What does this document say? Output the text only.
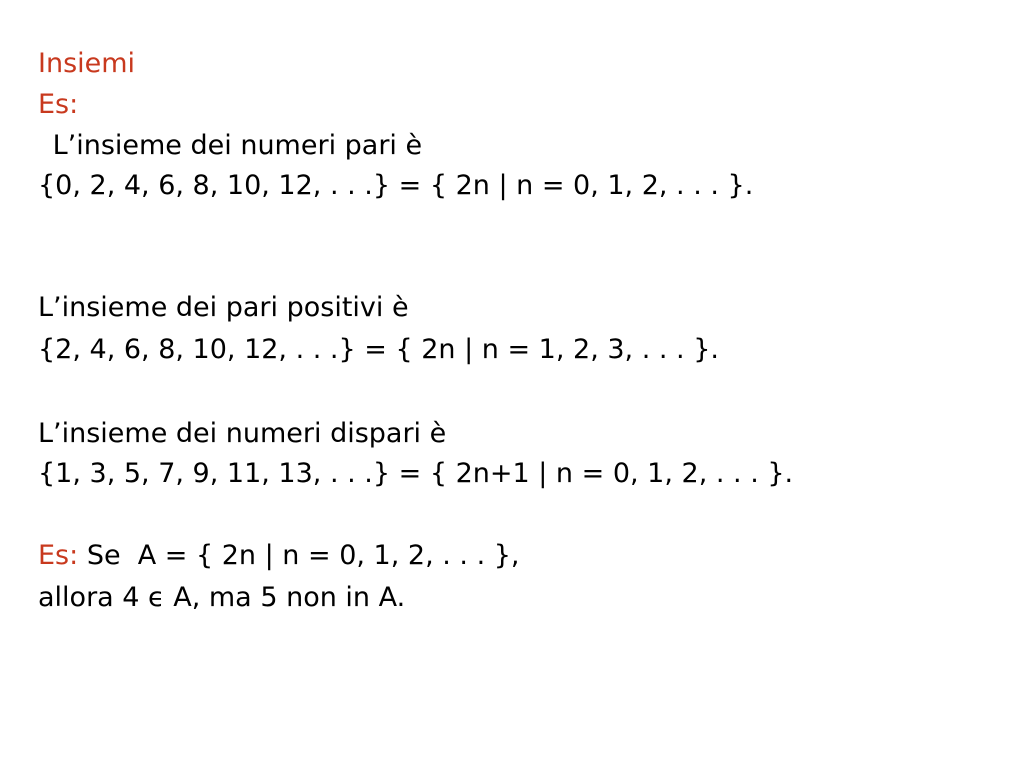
Insiemi
Es:
L’insieme dei numeri pari è
{0, 2, 4, 6, 8, 10, 12, . . .} = { 2n | n = 0, 1, 2, . . . }.
L’insieme dei pari positivi è
{2, 4, 6, 8, 10, 12, . . .} = { 2n | n = 1, 2, 3, . . . }.
L’insieme dei numeri dispari è
{1, 3, 5, 7, 9, 11, 13, . . .} = { 2n+1 | n = 0, 1, 2, . . . }.
Es: Se  A = { 2n | n = 0, 1, 2, . . . },
allora 4 ϵ A, ma 5 non in A.
